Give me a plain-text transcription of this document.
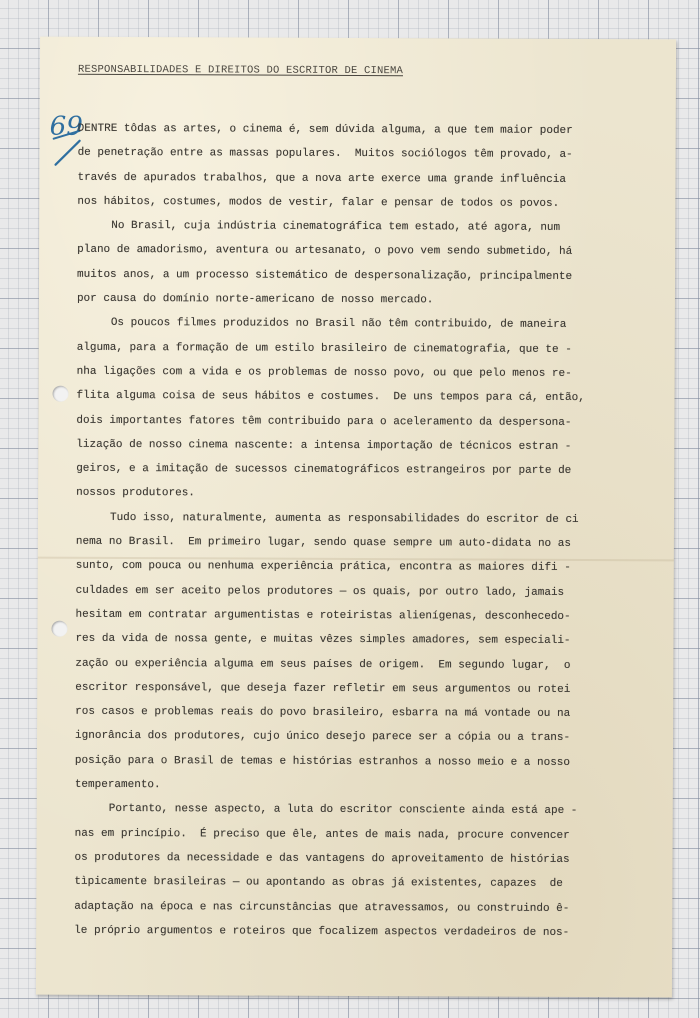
69
RESPONSABILIDADES E DIREITOS DO ESCRITOR DE CINEMA
DENTRE tôdas as artes, o cinema é, sem dúvida alguma, a que tem maior poder
de penetração entre as massas populares.  Muitos sociólogos têm provado, a-
través de apurados trabalhos, que a nova arte exerce uma grande influência
nos hábitos, costumes, modos de vestir, falar e pensar de todos os povos.
No Brasil, cuja indústria cinematográfica tem estado, até agora, num
plano de amadorismo, aventura ou artesanato, o povo vem sendo submetido, há
muitos anos, a um processo sistemático de despersonalização, principalmente
por causa do domínio norte-americano de nosso mercado.
Os poucos filmes produzidos no Brasil não têm contribuido, de maneira
alguma, para a formação de um estilo brasileiro de cinematografia, que te -
nha ligações com a vida e os problemas de nosso povo, ou que pelo menos re-
flita alguma coisa de seus hábitos e costumes.  De uns tempos para cá, então,
dois importantes fatores têm contribuido para o aceleramento da despersona-
lização de nosso cinema nascente: a intensa importação de técnicos estran -
geiros, e a imitação de sucessos cinematográficos estrangeiros por parte de
nossos produtores.
Tudo isso, naturalmente, aumenta as responsabilidades do escritor de ci
nema no Brasil.  Em primeiro lugar, sendo quase sempre um auto-didata no as
sunto, com pouca ou nenhuma experiência prática, encontra as maiores difi -
culdades em ser aceito pelos produtores — os quais, por outro lado, jamais
hesitam em contratar argumentistas e roteiristas alienígenas, desconhecedo-
res da vida de nossa gente, e muitas vêzes simples amadores, sem especiali-
zação ou experiência alguma em seus países de origem.  Em segundo lugar,  o
escritor responsável, que deseja fazer refletir em seus argumentos ou rotei
ros casos e problemas reais do povo brasileiro, esbarra na má vontade ou na
ignorância dos produtores, cujo único desejo parece ser a cópia ou a trans-
posição para o Brasil de temas e histórias estranhos a nosso meio e a nosso
temperamento.
Portanto, nesse aspecto, a luta do escritor consciente ainda está ape -
nas em princípio.  É preciso que êle, antes de mais nada, procure convencer
os produtores da necessidade e das vantagens do aproveitamento de histórias
tìpicamente brasileiras — ou apontando as obras já existentes, capazes  de
adaptação na época e nas circunstâncias que atravessamos, ou construindo ê-
le próprio argumentos e roteiros que focalizem aspectos verdadeiros de nos-
